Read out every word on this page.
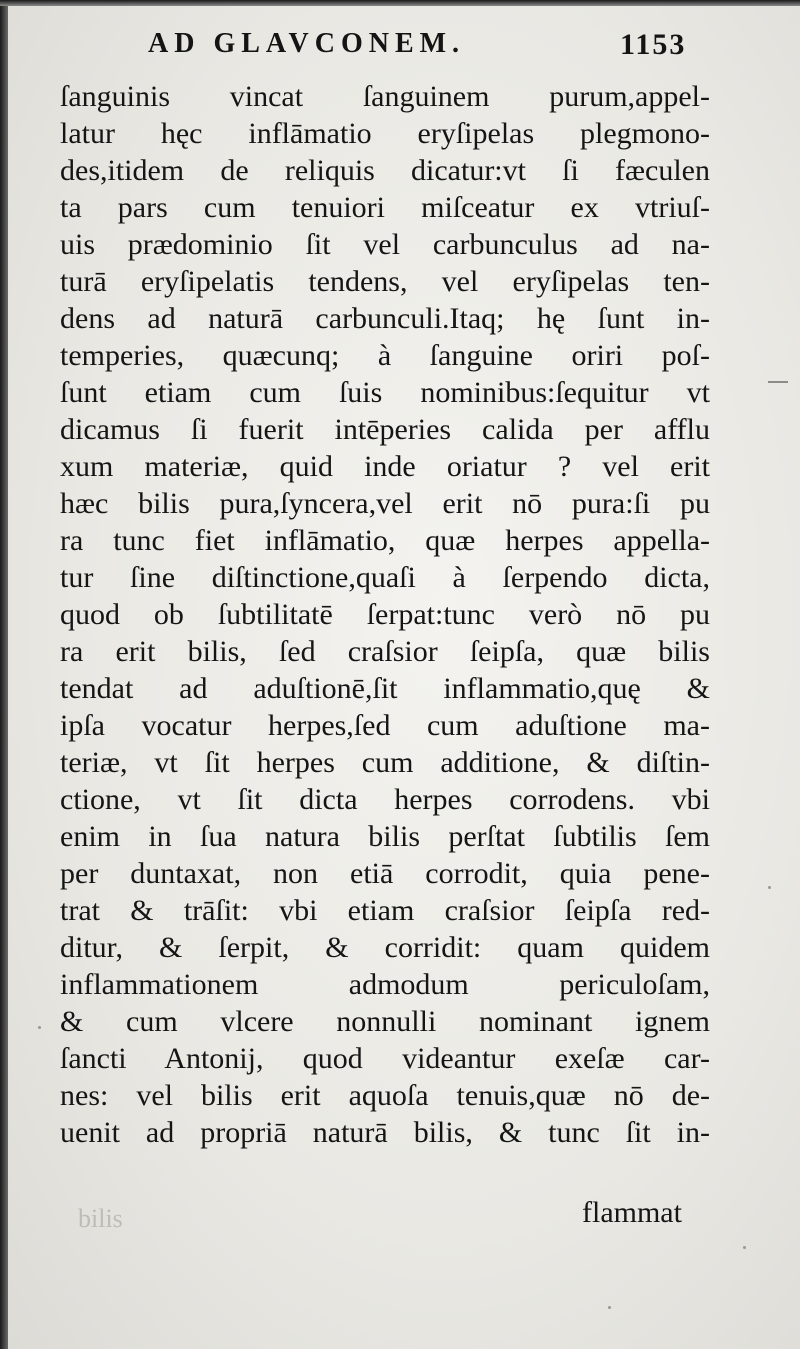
AD GLAVCONEM.	1153
ſanguinis vincat ſanguinem purum,appel-
latur hęc inflāmatio eryſipelas plegmono-
des,itidem de reliquis dicatur:vt ſi fæculen
ta pars cum tenuiori miſceatur ex vtriuſ-
uis prædominio ſit vel carbunculus ad na-
turā eryſipelatis tendens, vel eryſipelas ten-
dens ad naturā carbunculi.Itaq; hę ſunt in-
temperies, quæcunq; à ſanguine oriri poſ-
ſunt etiam cum ſuis nominibus:ſequitur vt
dicamus ſi fuerit intēperies calida per afflu
xum materiæ, quid inde oriatur ? vel erit
hæc bilis pura,ſyncera,vel erit nō pura:ſi pu
ra tunc fiet inflāmatio, quæ herpes appella-
tur ſine diſtinctione,quaſi à ſerpendo dicta,
quod ob ſubtilitatē ſerpat:tunc verò nō pu
ra erit bilis, ſed craſsior ſeipſa, quæ bilis
tendat ad aduſtionē,ſit inflammatio,quę &
ipſa vocatur herpes,ſed cum aduſtione ma-
teriæ, vt ſit herpes cum additione, & diſtin-
ctione, vt ſit dicta herpes corrodens. vbi
enim in ſua natura bilis perſtat ſubtilis ſem
per duntaxat, non etiā corrodit, quia pene-
trat & trāſit: vbi etiam craſsior ſeipſa red-
ditur, & ſerpit, & corridit: quam quidem
inflammationem admodum periculoſam,
& cum vlcere nonnulli nominant ignem
ſancti Antonij, quod videantur exeſæ car-
nes: vel bilis erit aquoſa tenuis,quæ nō de-
uenit ad propriā naturā bilis, & tunc ſit in-
bilis	flammat
